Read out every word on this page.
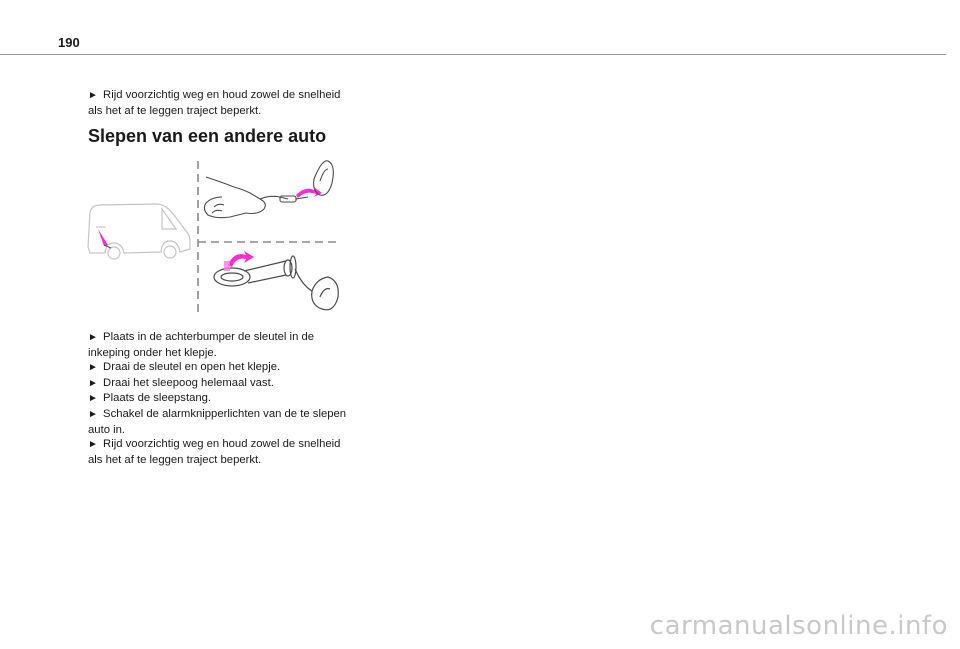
190

► Rijd voorzichtig weg en houd zowel de snelheid als het af te leggen traject beperkt.

Slepen van een andere auto

► Plaats in de achterbumper de sleutel in de inkeping onder het klepje.

► Draai de sleutel en open het klepje.

► Draai het sleepoog helemaal vast.

► Plaats de sleepstang.

► Schakel de alarmknipperlichten van de te slepen auto in.

► Rijd voorzichtig weg en houd zowel de snelheid als het af te leggen traject beperkt.

carmanualsonline.info
